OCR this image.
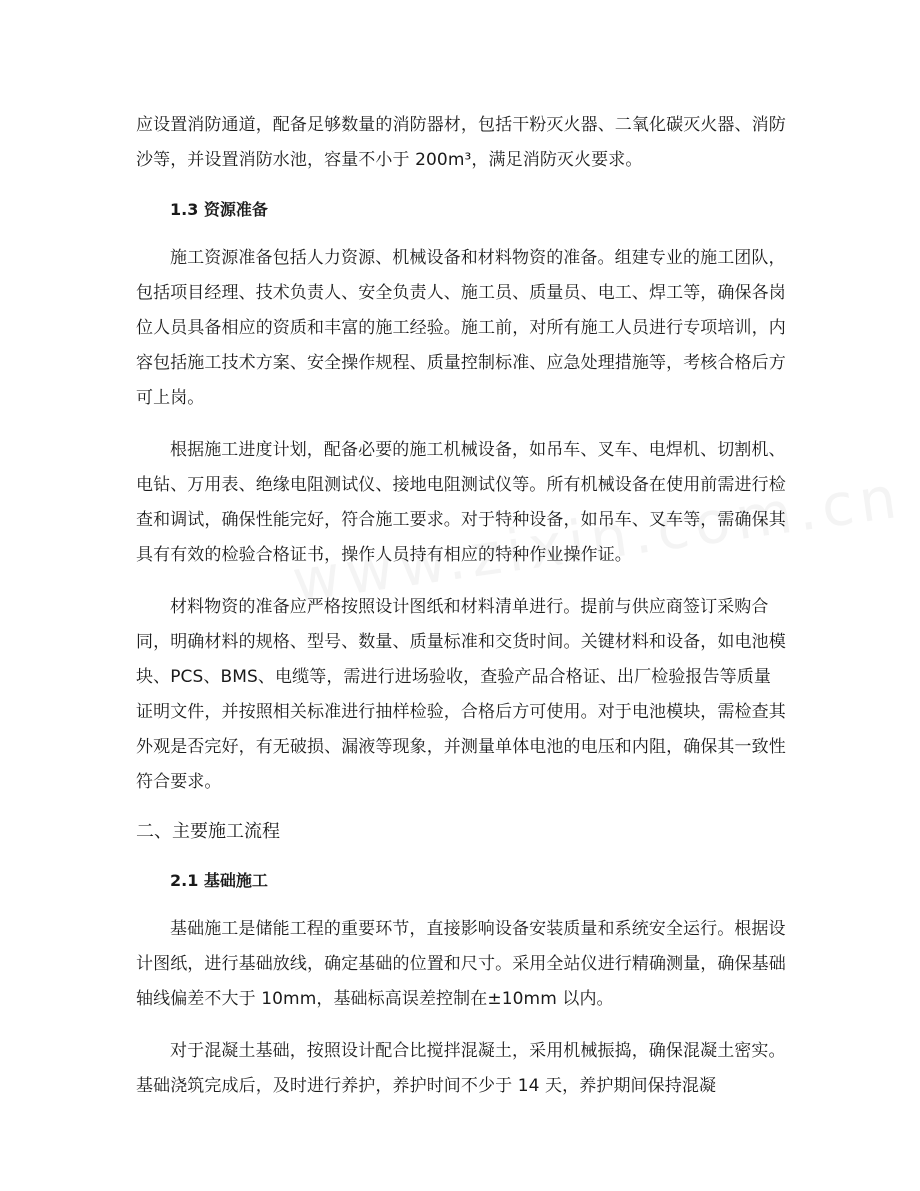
应设置消防通道，配备足够数量的消防器材，包括干粉灭火器、二氧化碳灭火器、消防沙等，并设置消防水池，容量不小于 200m³，满足消防灭火要求。

1.3 资源准备

施工资源准备包括人力资源、机械设备和材料物资的准备。组建专业的施工团队，包括项目经理、技术负责人、安全负责人、施工员、质量员、电工、焊工等，确保各岗位人员具备相应的资质和丰富的施工经验。施工前，对所有施工人员进行专项培训，内容包括施工技术方案、安全操作规程、质量控制标准、应急处理措施等，考核合格后方可上岗。

根据施工进度计划，配备必要的施工机械设备，如吊车、叉车、电焊机、切割机、电钻、万用表、绝缘电阻测试仪、接地电阻测试仪等。所有机械设备在使用前需进行检查和调试，确保性能完好，符合施工要求。对于特种设备，如吊车、叉车等，需确保其具有有效的检验合格证书，操作人员持有相应的特种作业操作证。

材料物资的准备应严格按照设计图纸和材料清单进行。提前与供应商签订采购合同，明确材料的规格、型号、数量、质量标准和交货时间。关键材料和设备，如电池模块、PCS、BMS、电缆等，需进行进场验收，查验产品合格证、出厂检验报告等质量证明文件，并按照相关标准进行抽样检验，合格后方可使用。对于电池模块，需检查其外观是否完好，有无破损、漏液等现象，并测量单体电池的电压和内阻，确保其一致性符合要求。

二、主要施工流程
2.1 基础施工

基础施工是储能工程的重要环节，直接影响设备安装质量和系统安全运行。根据设计图纸，进行基础放线，确定基础的位置和尺寸。采用全站仪进行精确测量，确保基础轴线偏差不大于 10mm，基础标高误差控制在±10mm 以内。

对于混凝土基础，按照设计配合比搅拌混凝土，采用机械振捣，确保混凝土密实。基础浇筑完成后，及时进行养护，养护时间不少于 14 天，养护期间保持混凝
